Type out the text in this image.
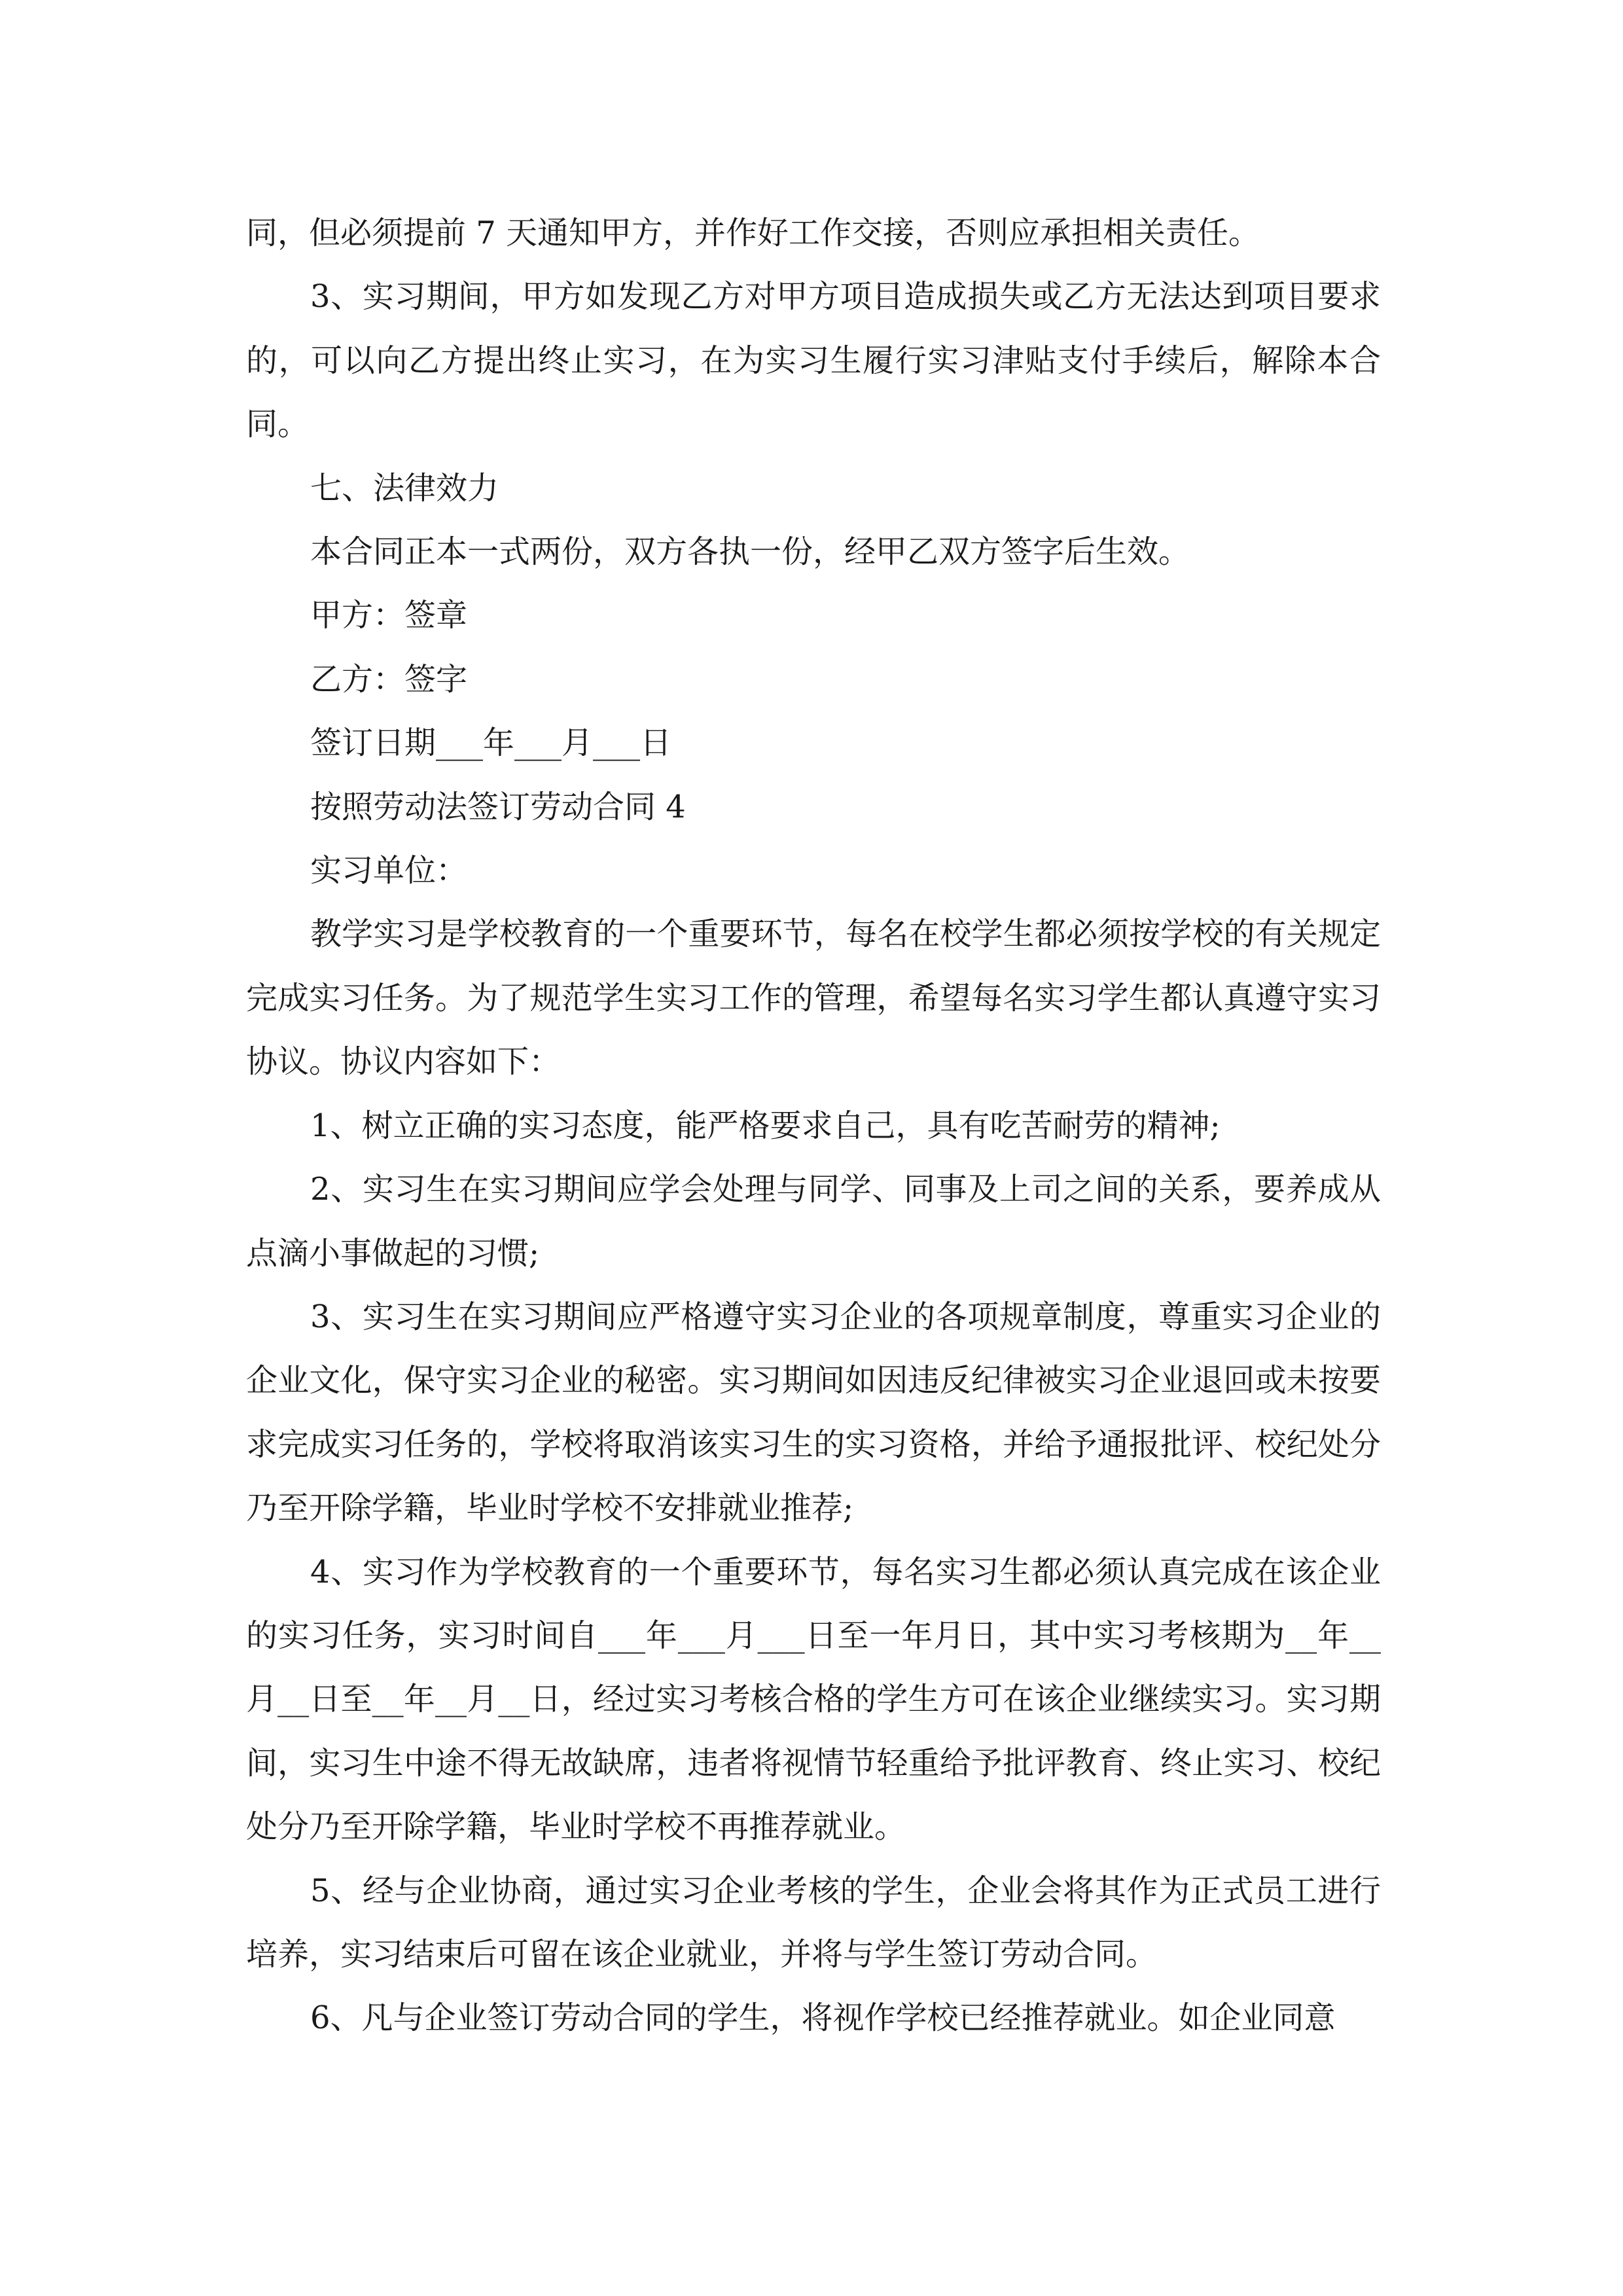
同，但必须提前 7 天通知甲方，并作好工作交接，否则应承担相关责任。

3、实习期间，甲方如发现乙方对甲方项目造成损失或乙方无法达到项目要求的，可以向乙方提出终止实习，在为实习生履行实习津贴支付手续后，解除本合同。

七、法律效力

本合同正本一式两份，双方各执一份，经甲乙双方签字后生效。

甲方：签章

乙方：签字

签订日期___年___月___日

按照劳动法签订劳动合同 4

实习单位：

教学实习是学校教育的一个重要环节，每名在校学生都必须按学校的有关规定完成实习任务。为了规范学生实习工作的管理，希望每名实习学生都认真遵守实习协议。协议内容如下：

1、树立正确的实习态度，能严格要求自己，具有吃苦耐劳的精神;

2、实习生在实习期间应学会处理与同学、同事及上司之间的关系，要养成从点滴小事做起的习惯;

3、实习生在实习期间应严格遵守实习企业的各项规章制度，尊重实习企业的企业文化，保守实习企业的秘密。实习期间如因违反纪律被实习企业退回或未按要求完成实习任务的，学校将取消该实习生的实习资格，并给予通报批评、校纪处分乃至开除学籍，毕业时学校不安排就业推荐;

4、实习作为学校教育的一个重要环节，每名实习生都必须认真完成在该企业的实习任务，实习时间自___年___月___日至一年月日，其中实习考核期为__年__月__日至__年__月__日，经过实习考核合格的学生方可在该企业继续实习。实习期间，实习生中途不得无故缺席，违者将视情节轻重给予批评教育、终止实习、校纪处分乃至开除学籍，毕业时学校不再推荐就业。

5、经与企业协商，通过实习企业考核的学生，企业会将其作为正式员工进行培养，实习结束后可留在该企业就业，并将与学生签订劳动合同。

6、凡与企业签订劳动合同的学生，将视作学校已经推荐就业。如企业同意
